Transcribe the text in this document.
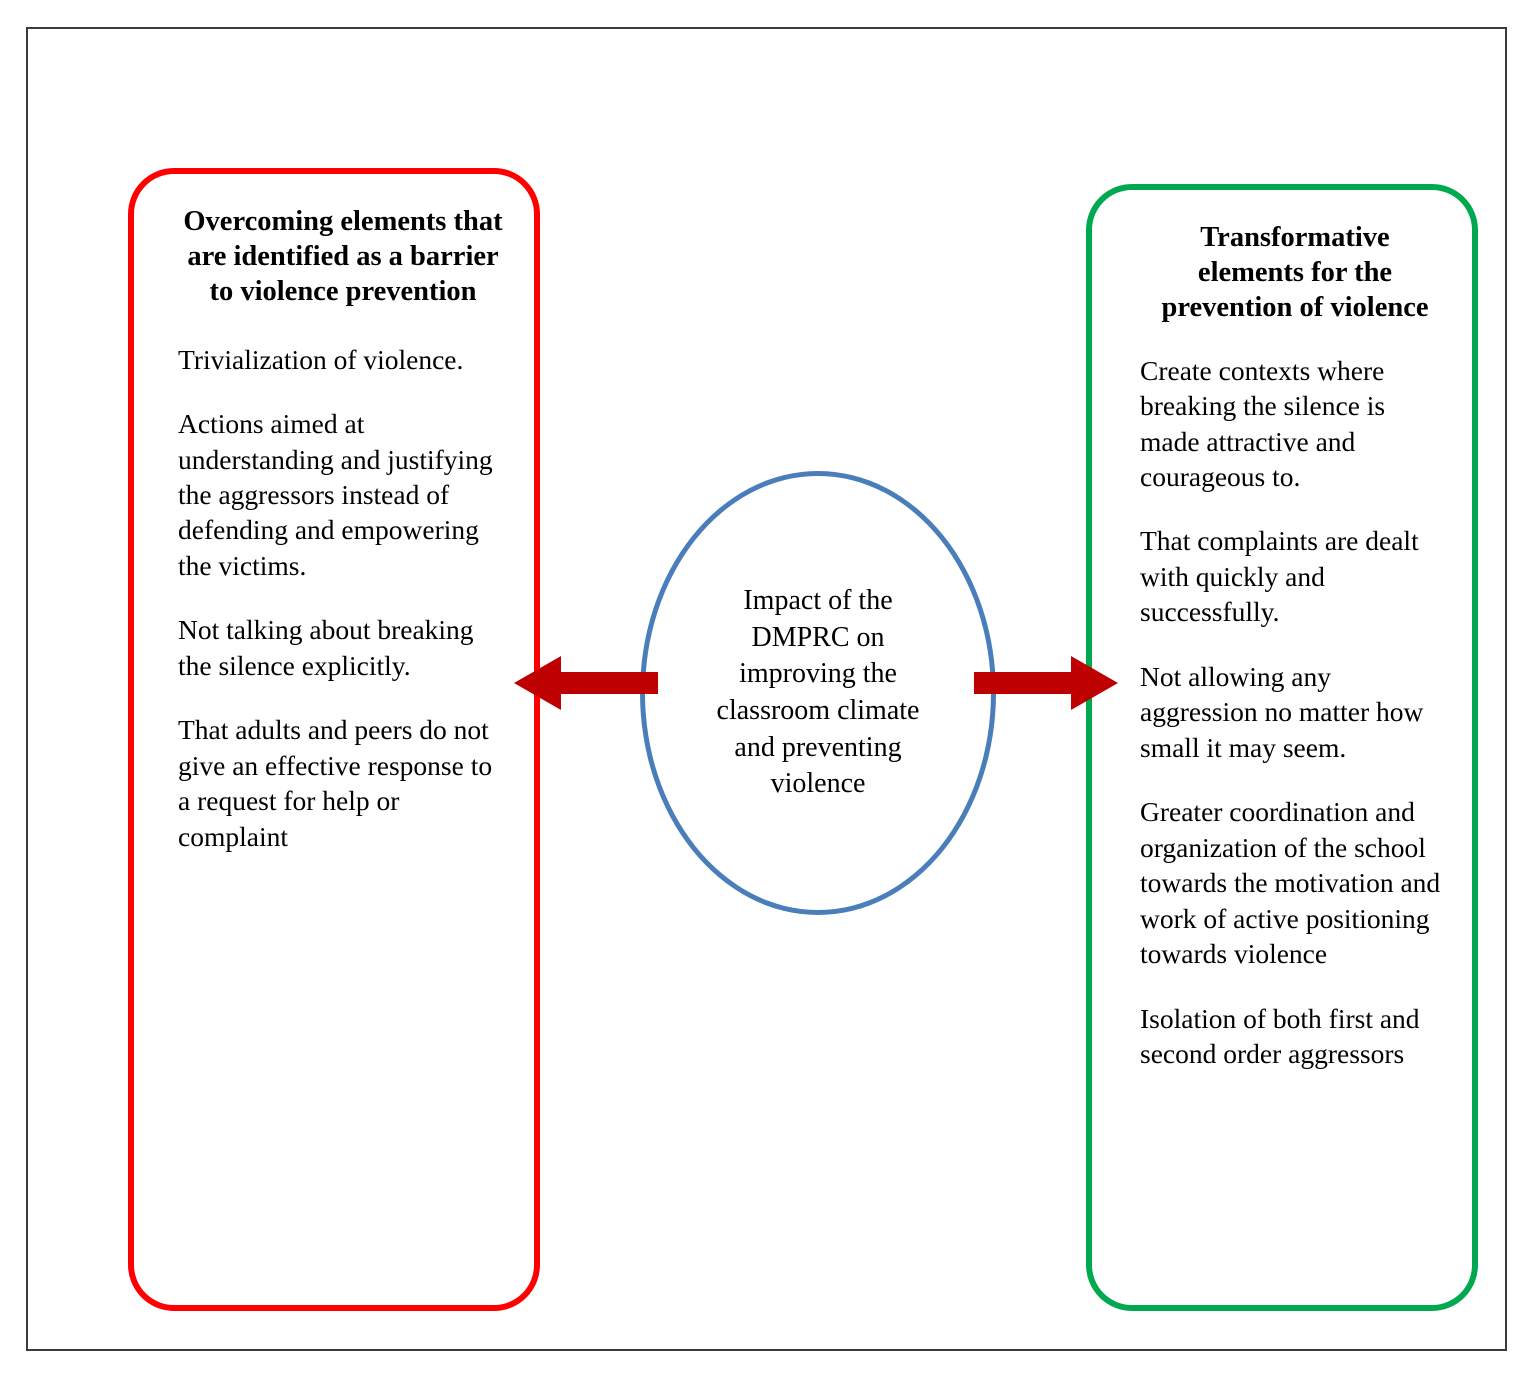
Overcoming elements that are identified as a barrier to violence prevention
Trivialization of violence.
Actions aimed at understanding and justifying the aggressors instead of defending and empowering the victims.
Not talking about breaking the silence explicitly.
That adults and peers do not give an effective response to a request for help or complaint
Transformative elements for the prevention of violence
Create contexts where breaking the silence is made attractive and courageous to.
That complaints are dealt with quickly and successfully.
Not allowing any aggression no matter how small it may seem.
Greater coordination and organization of the school towards the motivation and work of active positioning towards violence
Isolation of both first and second order aggressors
Impact of the DMPRC on improving the classroom climate and preventing violence
